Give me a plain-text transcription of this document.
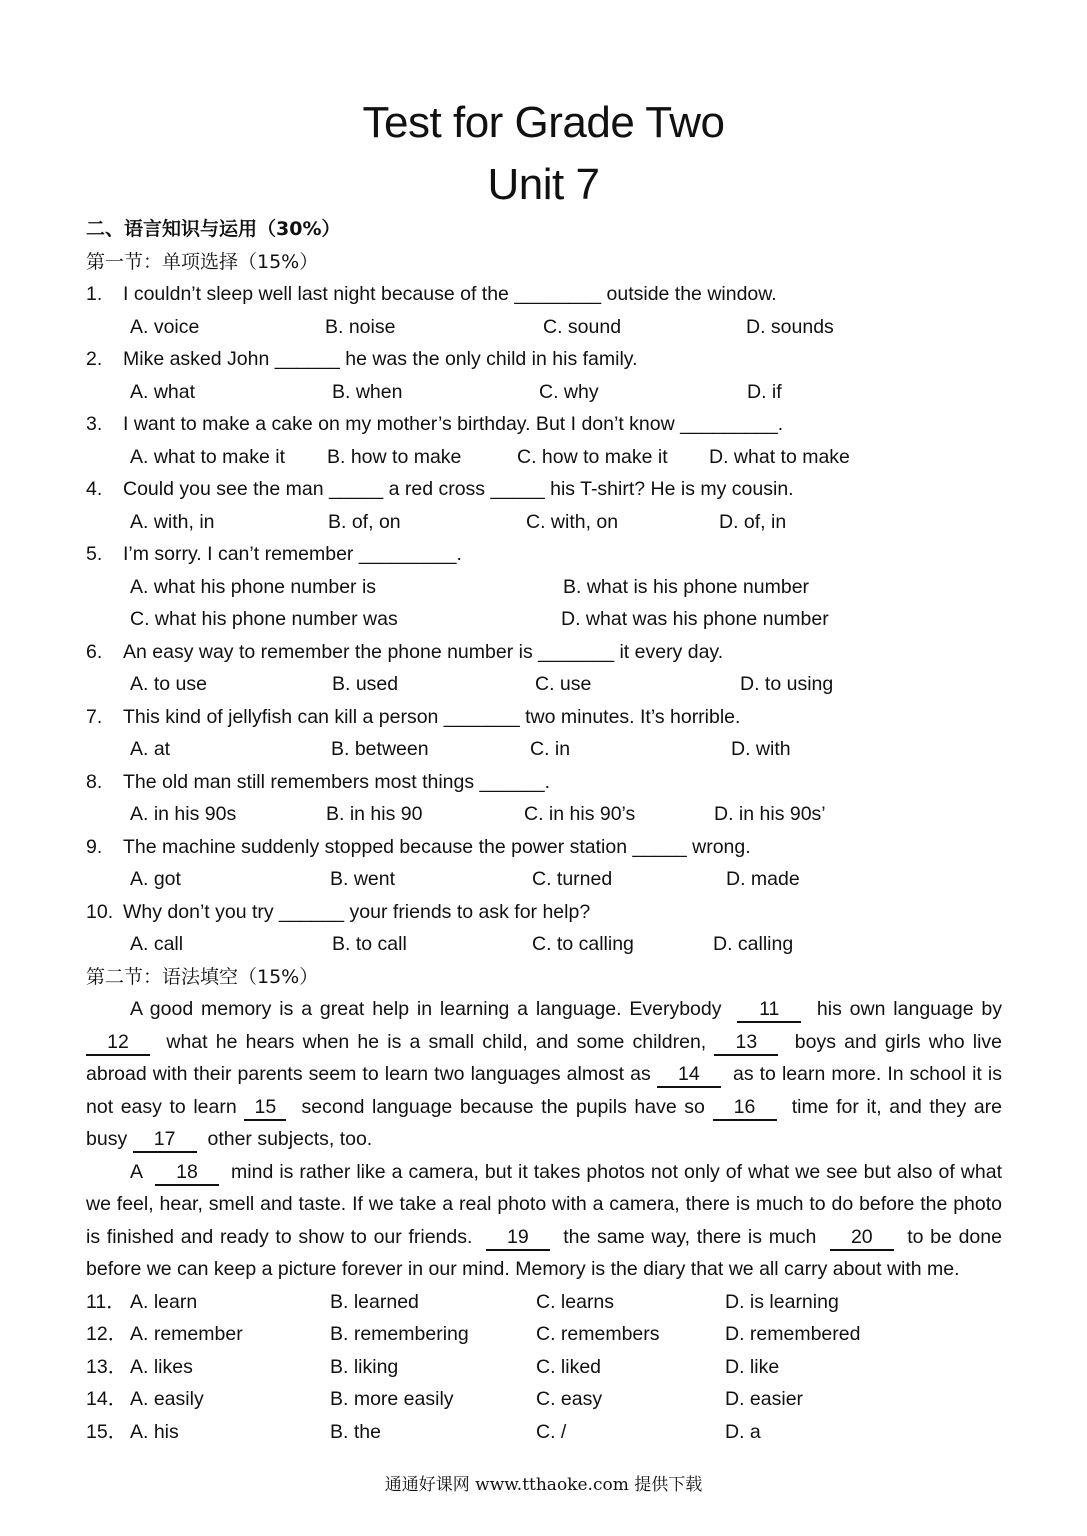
Test for Grade Two
Unit 7
二、语言知识与运用（30%）
第一节：单项选择（15%）
1. I couldn’t sleep well last night because of the ________ outside the window.
A. voice	B. noise	C. sound	D. sounds
2. Mike asked John ______ he was the only child in his family.
A. what	B. when	C. why	D. if
3. I want to make a cake on my mother’s birthday. But I don’t know _________.
A. what to make it B. how to make	C. how to make it D. what to make
4. Could you see the man _____ a red cross _____ his T-shirt? He is my cousin.
A. with, in	B. of, on	C. with, on	D. of, in
5. I’m sorry. I can’t remember _________.
A. what his phone number is	B. what is his phone number
C. what his phone number was	D. what was his phone number
6. An easy way to remember the phone number is _______ it every day.
A. to use	B. used	C. use	D. to using
7. This kind of jellyfish can kill a person _______ two minutes. It’s horrible.
A. at	B. between	C. in	D. with
8. The old man still remembers most things ______.
A. in his 90s	B. in his 90	C. in his 90’s	D. in his 90s’
9. The machine suddenly stopped because the power station _____ wrong.
A. got	B. went	C. turned	D. made
10. Why don’t you try ______ your friends to ask for help?
A. call	B. to call	C. to calling	D. calling
第二节：语法填空（15%）

A good memory is a great help in learning a language. Everybody 11 his own language by 12 what he hears when he is a small child, and some children, 13 boys and girls who live abroad with their parents seem to learn two languages almost as 14 as to learn more. In school it is not easy to learn 15 second language because the pupils have so 16 time for it, and they are busy 17 other subjects, too.

A 18 mind is rather like a camera, but it takes photos not only of what we see but also of what we feel, hear, smell and taste. If we take a real photo with a camera, there is much to do before the photo is finished and ready to show to our friends. 19 the same way, there is much 20 to be done before we can keep a picture forever in our mind. Memory is the diary that we all carry about with me.

11． A. learn	B. learned	C. learns	D. is learning
12． A. remember	B. remembering	C. remembers	D. remembered
13． A. likes	B. liking	C. liked	D. like
14． A. easily	B. more easily	C. easy	D. easier
15． A. his	B. the	C. /	D. a
通通好课网 www.tthaoke.com 提供下载
